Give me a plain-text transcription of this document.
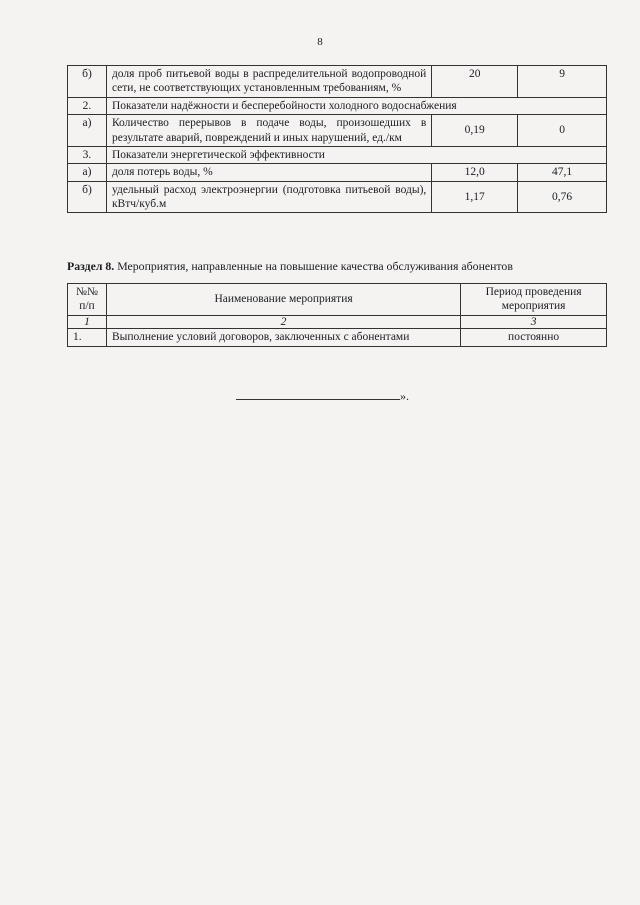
8
б)	доля проб питьевой воды в распределительной водопроводной сети, не соответствующих установленным требованиям, %	20	9
2.	Показатели надёжности и бесперебойности холодного водоснабжения		
а)	Количество перерывов в подаче воды, произошедших в результате аварий, повреждений и иных нарушений, ед./км	0,19	0
3.	Показатели энергетической эффективности		
а)	доля потерь воды, %	12,0	47,1
б)	удельный расход электроэнергии (подготовка питьевой воды), кВтч/куб.м	1,17	0,76
Раздел 8. Мероприятия, направленные на повышение качества обслуживания абонентов
№№ п/п	Наименование мероприятия	Период проведения мероприятия
1	2	3
1.	Выполнение условий договоров, заключенных с абонентами	постоянно
».
